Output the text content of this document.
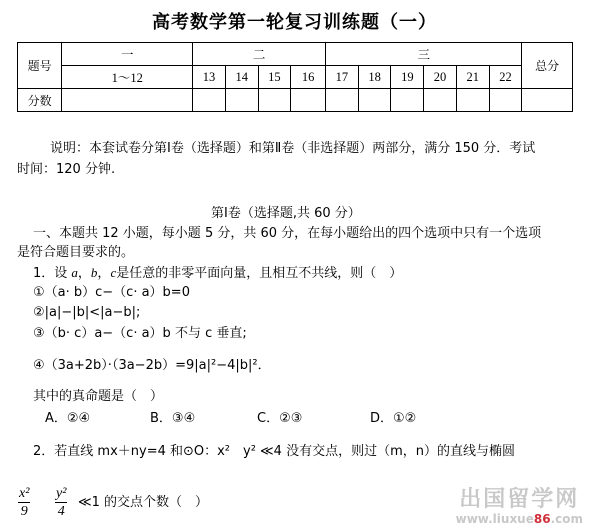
高考数学第一轮复习训练题（一）
题号	一	二				三						总分
	1～12	13	14	15	16	17	18	19	20	21	22	
分数												
说明：本套试卷分第Ⅰ卷（选择题）和第Ⅱ卷（非选择题）两部分，满分 150 分．考试
时间：120 分钟.
第Ⅰ卷（选择题,共 60 分）
一、本题共 12 小题，每小题 5 分，共 60 分，在每小题给出的四个选项中只有一个选项
是符合题目要求的。
1．设 a，b，c是任意的非零平面向量，且相互不共线，则（　）
①（a· b）c−（c· a）b=0
②|a|−|b|<|a−b|;
③（b· c）a−（c· a）b 不与 c 垂直;
④（3a+2b）·（3a−2b）=9|a|²−4|b|²．
其中的真命题是（　）
A．②④	B．③④	C．②③	D．①②
2．若直线 mx＋ny=4 和⊙O：x²　y² ≪4 没有交点，则过（m，n）的直线与椭圆
$\frac{\text{x²}}{9} \frac{\text{y²}}{4}$ ≪1 的交点个数（　）	出国留学网
www.liuxue86.com
